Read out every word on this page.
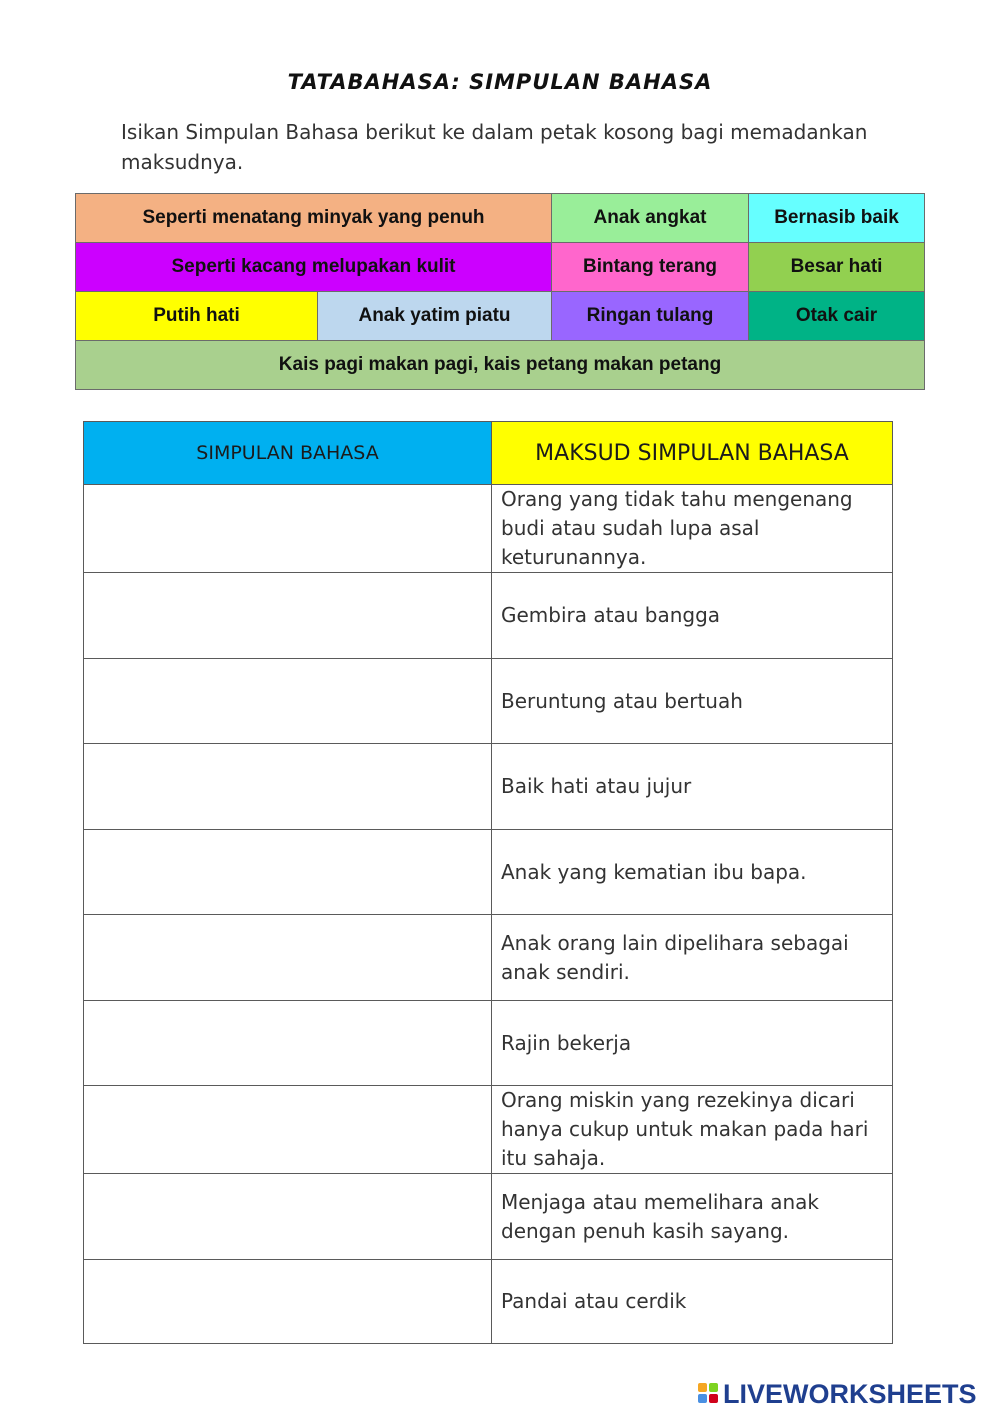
TATABAHASA: SIMPULAN BAHASA
Isikan Simpulan Bahasa berikut ke dalam petak kosong bagi memadankan maksudnya.
Seperti menatang minyak yang penuh		Anak angkat	Bernasib baik
Seperti kacang melupakan kulit		Bintang terang	Besar hati
Putih hati	Anak yatim piatu	Ringan tulang	Otak cair
Kais pagi makan pagi, kais petang makan petang			
SIMPULAN BAHASA	MAKSUD SIMPULAN BAHASA
	Orang yang tidak tahu mengenang budi atau sudah lupa asal keturunannya.
	Gembira atau bangga
	Beruntung atau bertuah
	Baik hati atau jujur
	Anak yang kematian ibu bapa.
	Anak orang lain dipelihara sebagai anak sendiri.
	Rajin bekerja
	Orang miskin yang rezekinya dicari hanya cukup untuk makan pada hari itu sahaja.
	Menjaga atau memelihara anak dengan penuh kasih sayang.
	Pandai atau cerdik
LIVEWORKSHEETS
